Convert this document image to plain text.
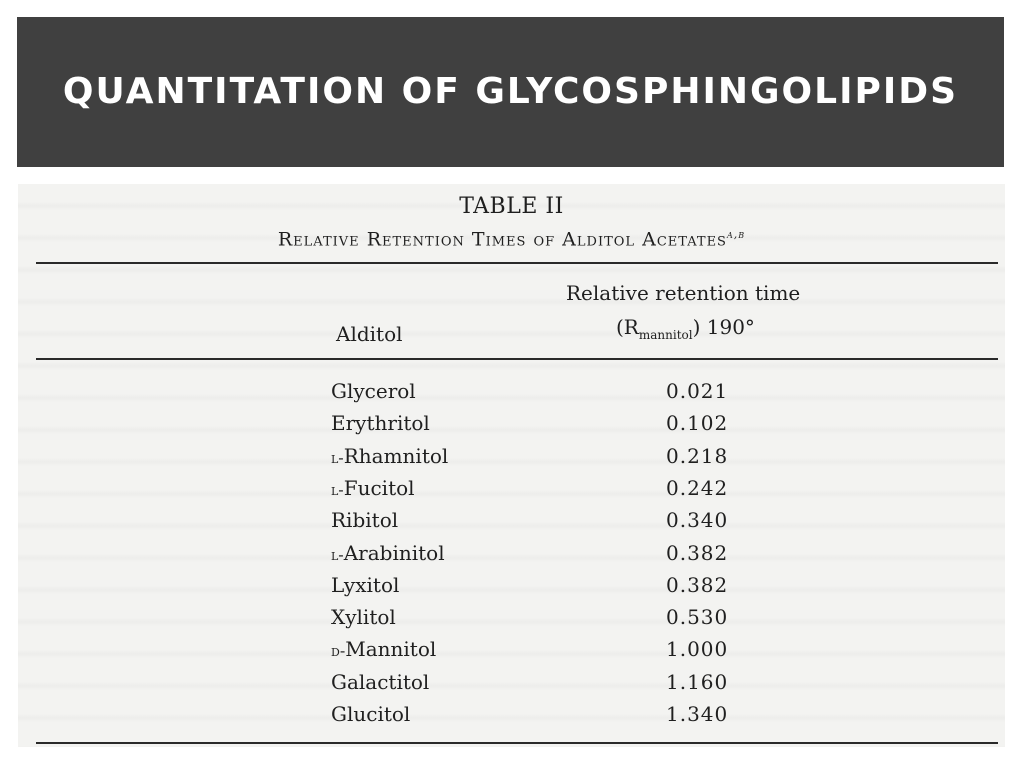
QUANTITATION OF GLYCOSPHINGOLIPIDS
TABLE II
Relative Retention Times of Alditol Acetates$^{a,b}$
Alditol
Relative retention time
$(R_{mannitol})$ 190°
Glycerol	0.021
Erythritol	0.102
l-Rhamnitol	0.218
l-Fucitol	0.242
Ribitol	0.340
l-Arabinitol	0.382
Lyxitol	0.382
Xylitol	0.530
d-Mannitol	1.000
Galactitol	1.160
Glucitol	1.340
